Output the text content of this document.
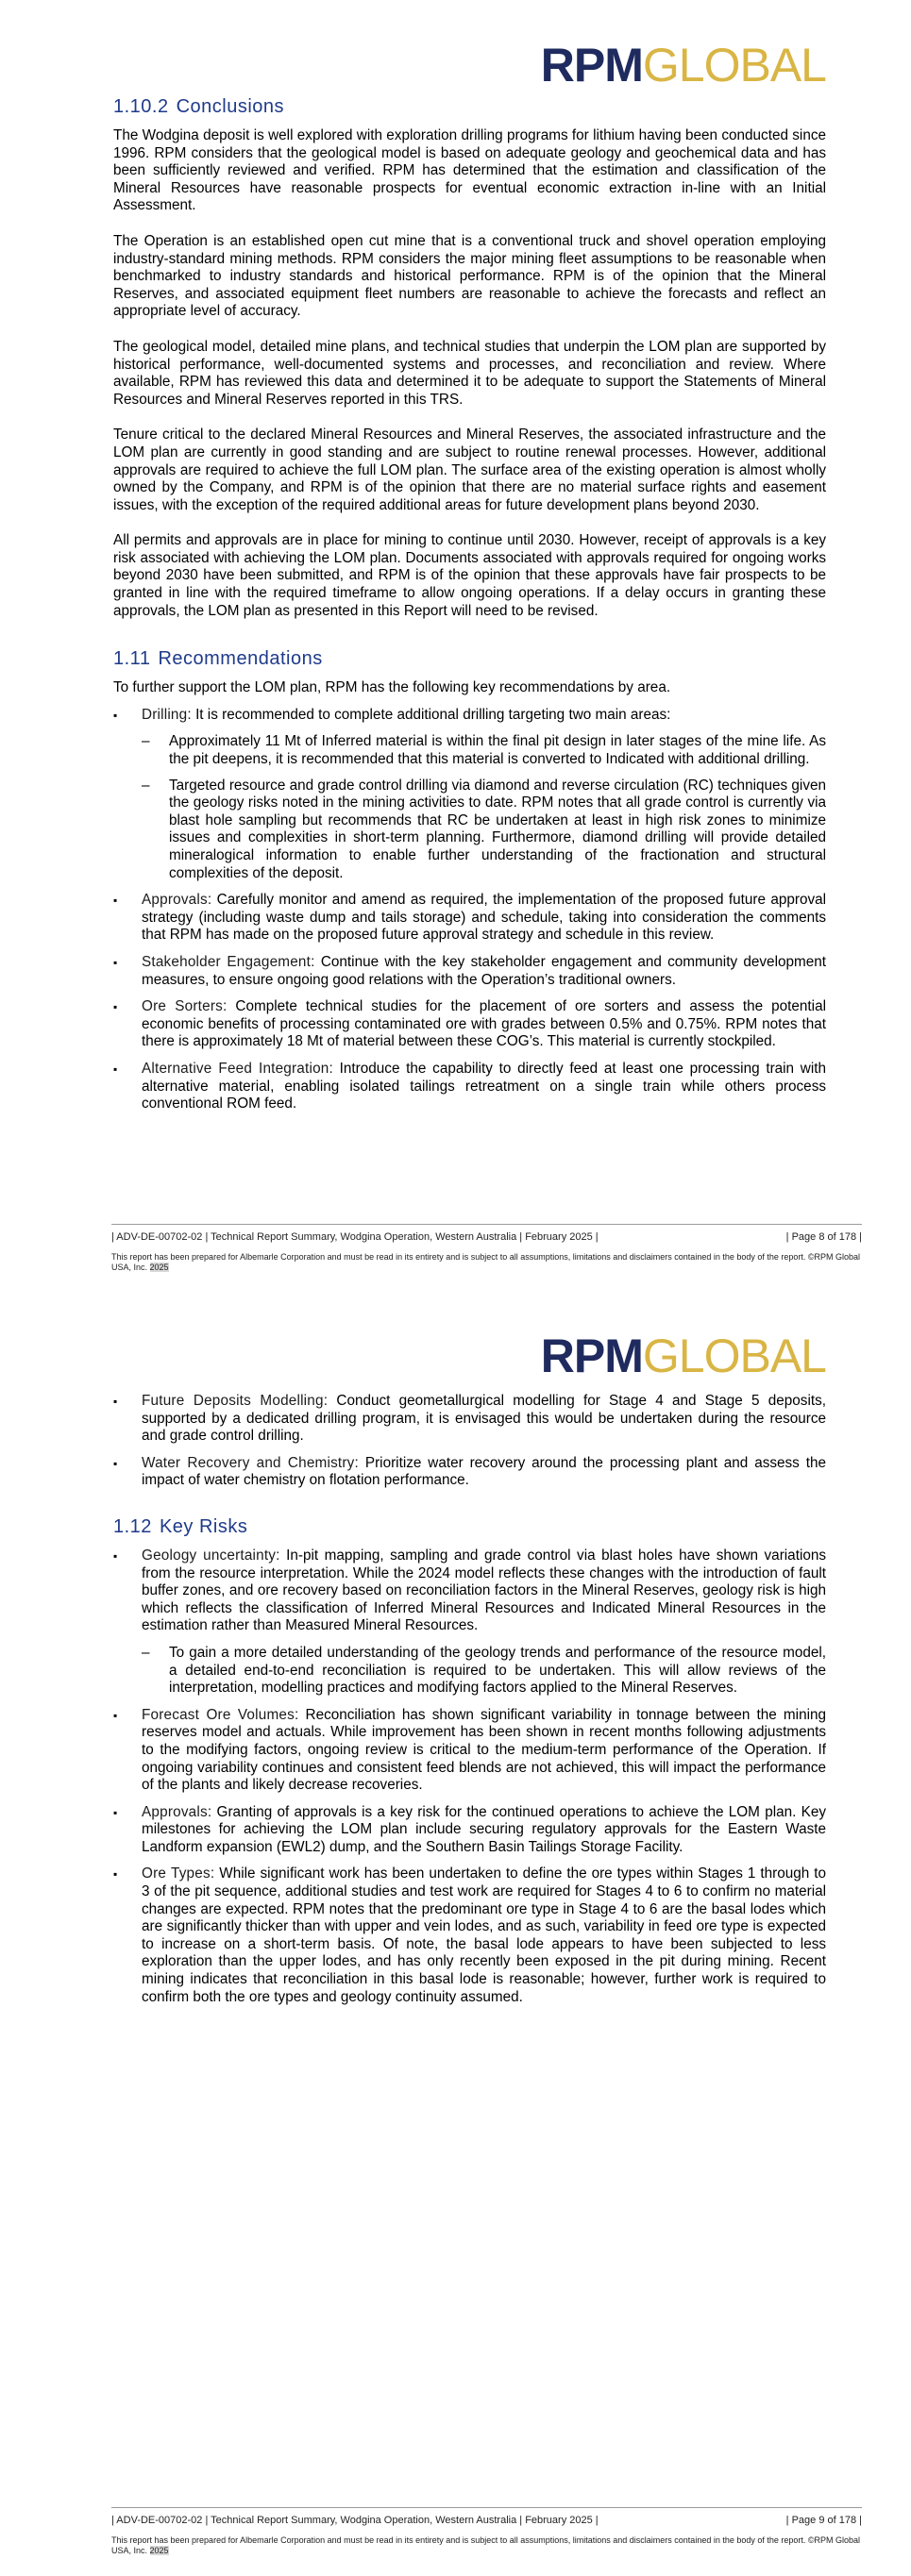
RPMGLOBAL
1.10.2 Conclusions

The Wodgina deposit is well explored with exploration drilling programs for lithium having been conducted since 1996. RPM considers that the geological model is based on adequate geology and geochemical data and has been sufficiently reviewed and verified. RPM has determined that the estimation and classification of the Mineral Resources have reasonable prospects for eventual economic extraction in-line with an Initial Assessment.

The Operation is an established open cut mine that is a conventional truck and shovel operation employing industry-standard mining methods. RPM considers the major mining fleet assumptions to be reasonable when benchmarked to industry standards and historical performance. RPM is of the opinion that the Mineral Reserves, and associated equipment fleet numbers are reasonable to achieve the forecasts and reflect an appropriate level of accuracy.

The geological model, detailed mine plans, and technical studies that underpin the LOM plan are supported by historical performance, well-documented systems and processes, and reconciliation and review. Where available, RPM has reviewed this data and determined it to be adequate to support the Statements of Mineral Resources and Mineral Reserves reported in this TRS.

Tenure critical to the declared Mineral Resources and Mineral Reserves, the associated infrastructure and the LOM plan are currently in good standing and are subject to routine renewal processes. However, additional approvals are required to achieve the full LOM plan. The surface area of the existing operation is almost wholly owned by the Company, and RPM is of the opinion that there are no material surface rights and easement issues, with the exception of the required additional areas for future development plans beyond 2030.

All permits and approvals are in place for mining to continue until 2030. However, receipt of approvals is a key risk associated with achieving the LOM plan. Documents associated with approvals required for ongoing works beyond 2030 have been submitted, and RPM is of the opinion that these approvals have fair prospects to be granted in line with the required timeframe to allow ongoing operations. If a delay occurs in granting these approvals, the LOM plan as presented in this Report will need to be revised.

1.11 Recommendations

To further support the LOM plan, RPM has the following key recommendations by area.

▪ Drilling: It is recommended to complete additional drilling targeting two main areas:
– Approximately 11 Mt of Inferred material is within the final pit design in later stages of the mine life. As the pit deepens, it is recommended that this material is converted to Indicated with additional drilling.
– Targeted resource and grade control drilling via diamond and reverse circulation (RC) techniques given the geology risks noted in the mining activities to date. RPM notes that all grade control is currently via blast hole sampling but recommends that RC be undertaken at least in high risk zones to minimize issues and complexities in short-term planning. Furthermore, diamond drilling will provide detailed mineralogical information to enable further understanding of the fractionation and structural complexities of the deposit.
▪ Approvals: Carefully monitor and amend as required, the implementation of the proposed future approval strategy (including waste dump and tails storage) and schedule, taking into consideration the comments that RPM has made on the proposed future approval strategy and schedule in this review.
▪ Stakeholder Engagement: Continue with the key stakeholder engagement and community development measures, to ensure ongoing good relations with the Operation’s traditional owners.
▪ Ore Sorters: Complete technical studies for the placement of ore sorters and assess the potential economic benefits of processing contaminated ore with grades between 0.5% and 0.75%. RPM notes that there is approximately 18 Mt of material between these COG’s. This material is currently stockpiled.
▪ Alternative Feed Integration: Introduce the capability to directly feed at least one processing train with alternative material, enabling isolated tailings retreatment on a single train while others process conventional ROM feed.
| ADV-DE-00702-02 | Technical Report Summary, Wodgina Operation, Western Australia | February 2025 |	| Page 8 of 178 |
This report has been prepared for Albemarle Corporation and must be read in its entirety and is subject to all assumptions, limitations and disclaimers contained in the body of the report. ©RPM Global USA, Inc. 2025
RPMGLOBAL
▪ Future Deposits Modelling: Conduct geometallurgical modelling for Stage 4 and Stage 5 deposits, supported by a dedicated drilling program, it is envisaged this would be undertaken during the resource and grade control drilling.
▪ Water Recovery and Chemistry: Prioritize water recovery around the processing plant and assess the impact of water chemistry on flotation performance.
1.12 Key Risks
▪ Geology uncertainty: In-pit mapping, sampling and grade control via blast holes have shown variations from the resource interpretation. While the 2024 model reflects these changes with the introduction of fault buffer zones, and ore recovery based on reconciliation factors in the Mineral Reserves, geology risk is high which reflects the classification of Inferred Mineral Resources and Indicated Mineral Resources in the estimation rather than Measured Mineral Resources.
– To gain a more detailed understanding of the geology trends and performance of the resource model, a detailed end-to-end reconciliation is required to be undertaken. This will allow reviews of the interpretation, modelling practices and modifying factors applied to the Mineral Reserves.
▪ Forecast Ore Volumes: Reconciliation has shown significant variability in tonnage between the mining reserves model and actuals. While improvement has been shown in recent months following adjustments to the modifying factors, ongoing review is critical to the medium-term performance of the Operation. If ongoing variability continues and consistent feed blends are not achieved, this will impact the performance of the plants and likely decrease recoveries.
▪ Approvals: Granting of approvals is a key risk for the continued operations to achieve the LOM plan. Key milestones for achieving the LOM plan include securing regulatory approvals for the Eastern Waste Landform expansion (EWL2) dump, and the Southern Basin Tailings Storage Facility.
▪ Ore Types: While significant work has been undertaken to define the ore types within Stages 1 through to 3 of the pit sequence, additional studies and test work are required for Stages 4 to 6 to confirm no material changes are expected. RPM notes that the predominant ore type in Stage 4 to 6 are the basal lodes which are significantly thicker than with upper and vein lodes, and as such, variability in feed ore type is expected to increase on a short-term basis. Of note, the basal lode appears to have been subjected to less exploration than the upper lodes, and has only recently been exposed in the pit during mining. Recent mining indicates that reconciliation in this basal lode is reasonable; however, further work is required to confirm both the ore types and geology continuity assumed.
| ADV-DE-00702-02 | Technical Report Summary, Wodgina Operation, Western Australia | February 2025 |	| Page 9 of 178 |
This report has been prepared for Albemarle Corporation and must be read in its entirety and is subject to all assumptions, limitations and disclaimers contained in the body of the report. ©RPM Global USA, Inc. 2025
